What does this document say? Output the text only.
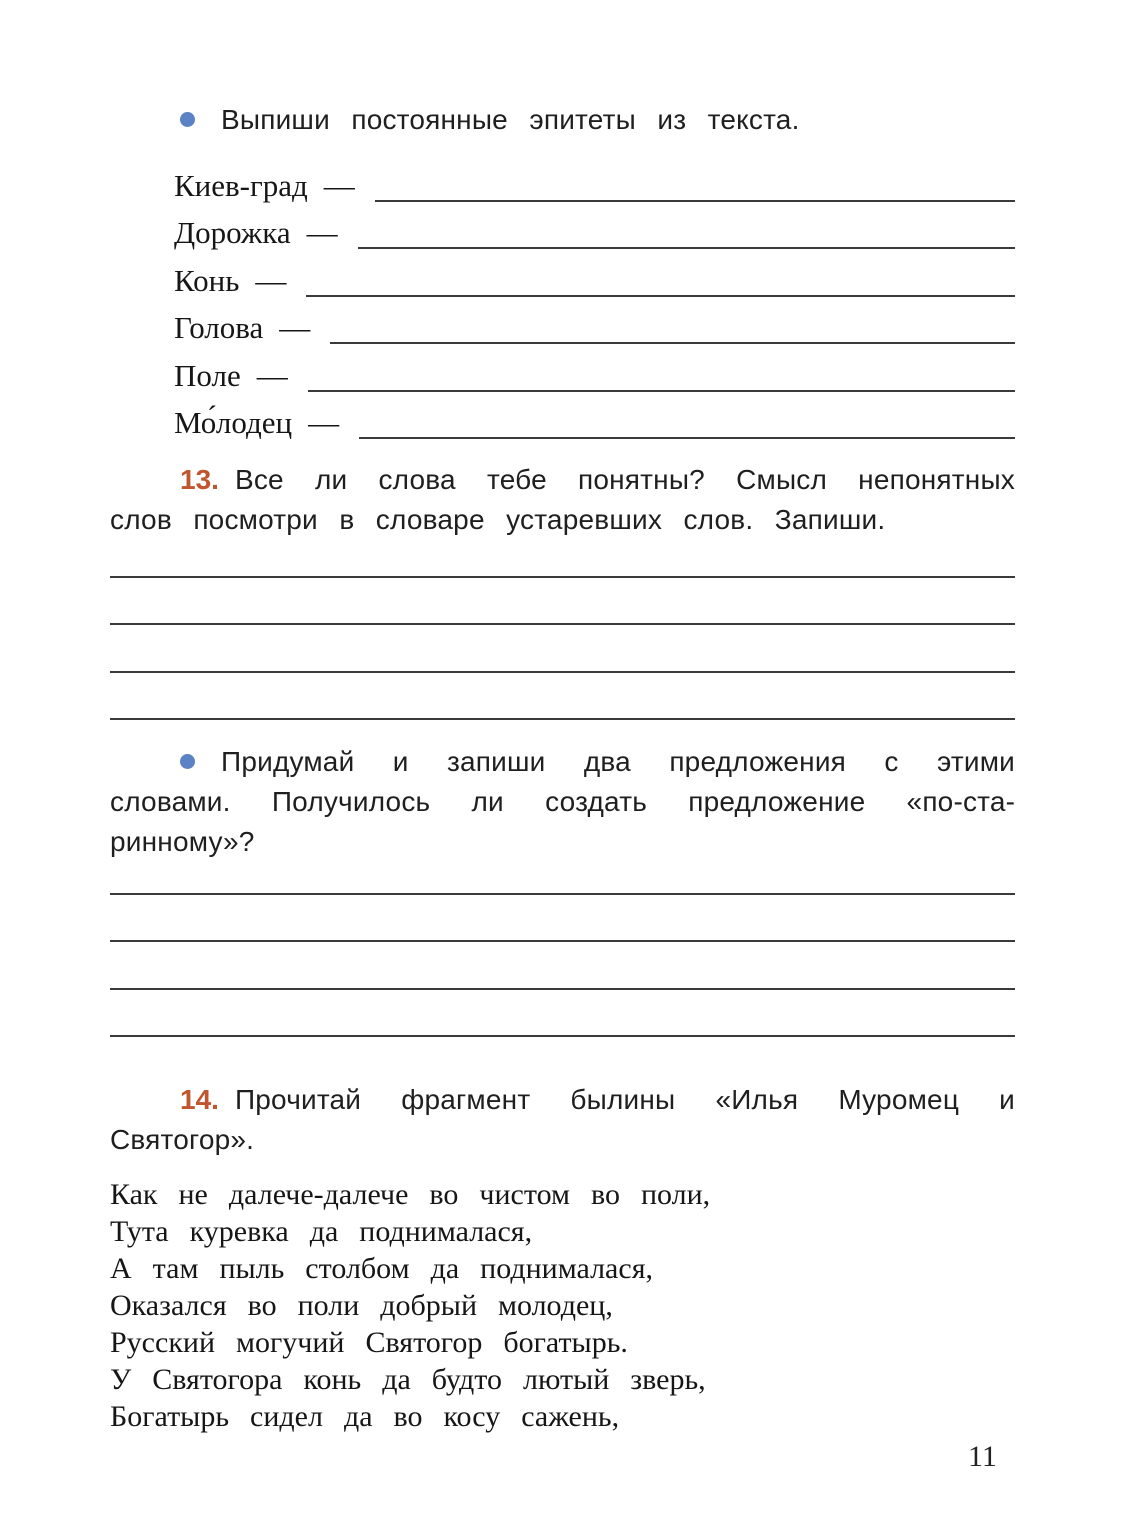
Выпиши постоянные эпитеты из текста.

Киев-град —
Дорожка —
Конь —
Голова —
Поле —
Мо́лодец —

13. Все ли слова тебе понятны? Смысл непонятных слов посмотри в словаре устаревших слов. Запиши.

Придумай и запиши два предложения с этими словами. Получилось ли создать предложение «по-старинному»?

14. Прочитай фрагмент былины «Илья Муромец и Святогор».

Как не далече-далече во чистом во поли,
Тута куревка да поднималася,
А там пыль столбом да поднималася,
Оказался во поли добрый молодец,
Русский могучий Святогор богатырь.
У Святогора конь да будто лютый зверь,
Богатырь сидел да во косу сажень,
11
